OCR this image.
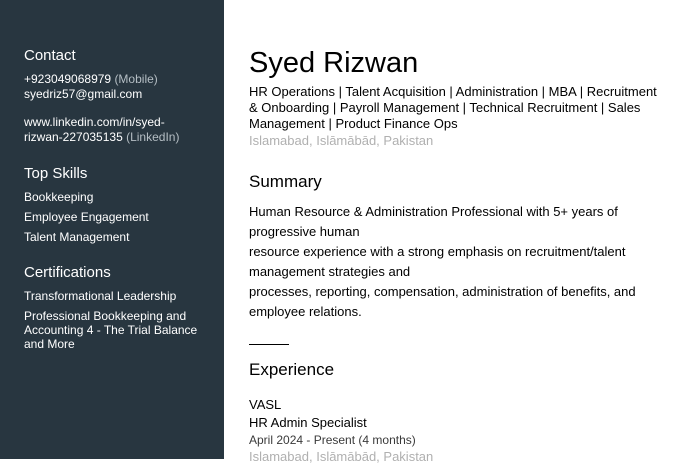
Contact

+923049068979 (Mobile)

syedriz57@gmail.com

www.linkedin.com/in/syed-

rizwan-227035135 (LinkedIn)

Top Skills

Bookkeeping

Employee Engagement

Talent Management

Certifications

Transformational Leadership

Professional Bookkeeping and Accounting 4 - The Trial Balance and More

Syed Rizwan

HR Operations | Talent Acquisition | Administration | MBA | Recruitment & Onboarding | Payroll Management | Technical Recruitment | Sales Management | Product Finance Ops

Islamabad, Islāmābād, Pakistan

Summary
Human Resource & Administration Professional with 5+ years of progressive human
resource experience with a strong emphasis on recruitment/talent management strategies and
processes, reporting, compensation, administration of benefits, and employee relations.
Experience

VASL

HR Admin Specialist

April 2024 - Present (4 months)

Islamabad, Islāmābād, Pakistan
